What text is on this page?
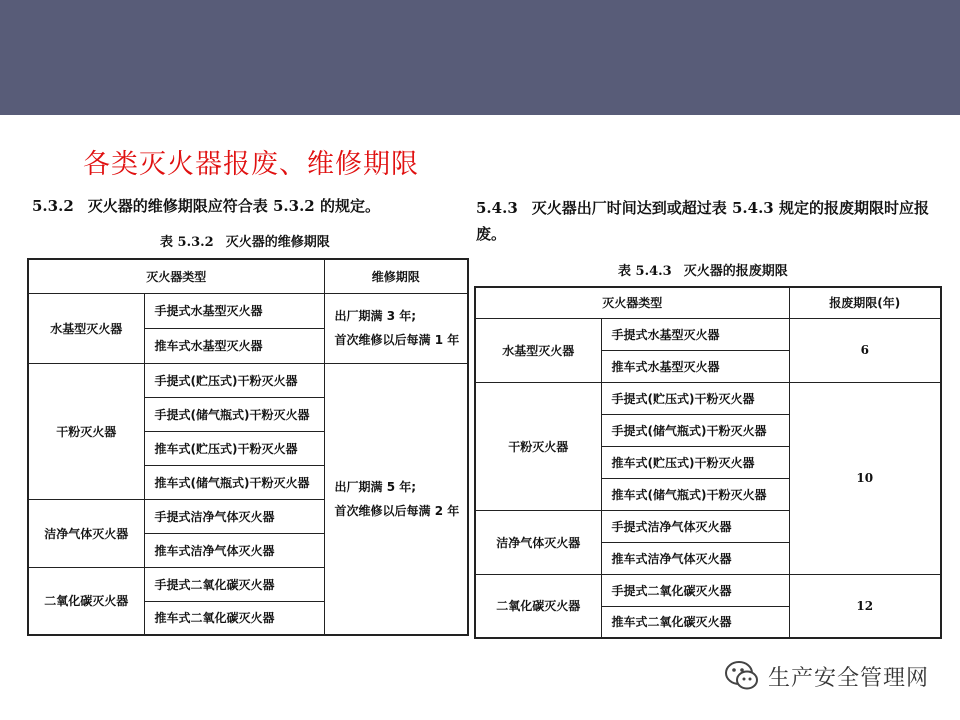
各类灭火器报废、维修期限
5.3.2 灭火器的维修期限应符合表 5.3.2 的规定。
表 5.3.2 灭火器的维修期限
灭火器类型		维修期限
水基型灭火器	手提式水基型灭火器	出厂期满 3 年;
首次维修以后每满 1 年

	推车式水基型灭火器	
干粉灭火器	手提式(贮压式)干粉灭火器	出厂期满 5 年;
首次维修以后每满 2 年

	手提式(储气瓶式)干粉灭火器	
	推车式(贮压式)干粉灭火器	
	推车式(储气瓶式)干粉灭火器	
洁净气体灭火器	手提式洁净气体灭火器	
	推车式洁净气体灭火器	
二氧化碳灭火器	手提式二氧化碳灭火器	
	推车式二氧化碳灭火器	
5.4.3 灭火器出厂时间达到或超过表 5.4.3 规定的报废期限时应报废。
表 5.4.3 灭火器的报废期限
灭火器类型		报废期限(年)
水基型灭火器	手提式水基型灭火器	6
	推车式水基型灭火器	
干粉灭火器	手提式(贮压式)干粉灭火器	10
	手提式(储气瓶式)干粉灭火器	
	推车式(贮压式)干粉灭火器	
	推车式(储气瓶式)干粉灭火器	
洁净气体灭火器	手提式洁净气体灭火器	
	推车式洁净气体灭火器	
二氧化碳灭火器	手提式二氧化碳灭火器	12
	推车式二氧化碳灭火器	
生产安全管理网
